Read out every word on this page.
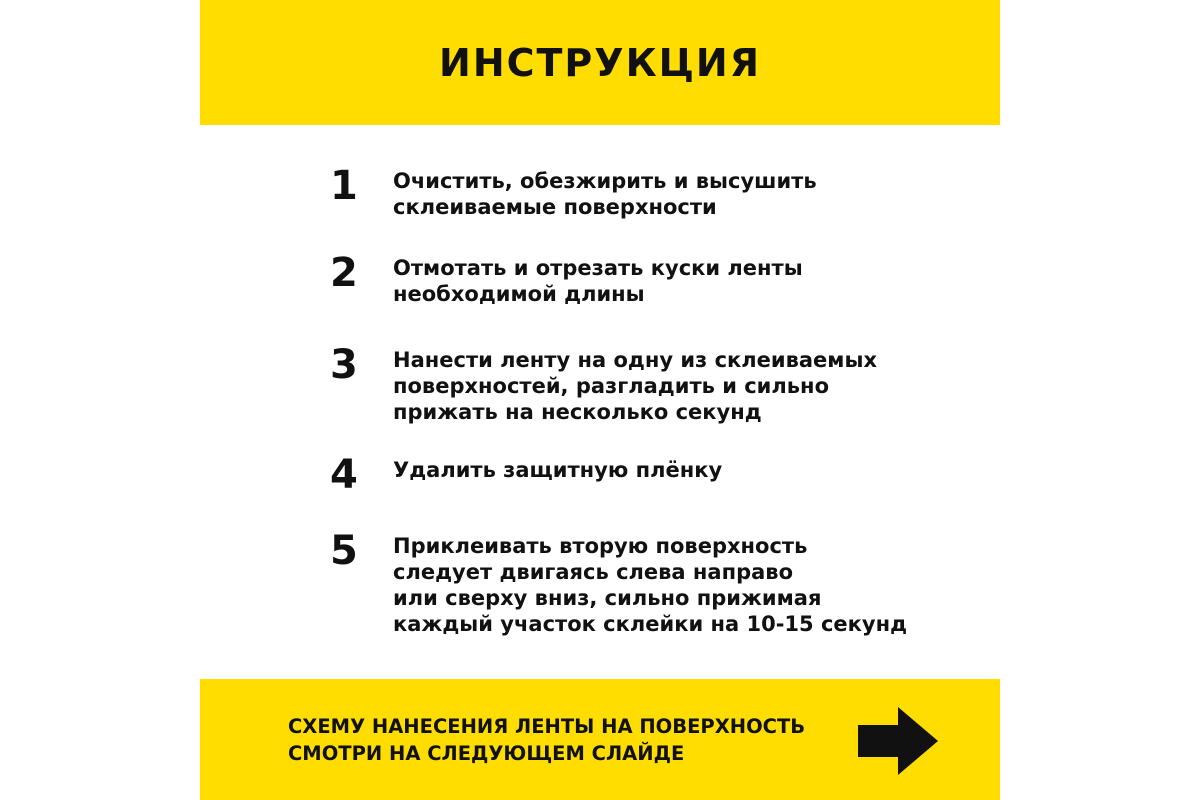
ИНСТРУКЦИЯ
1	Очистить, обезжирить и высушить
склеиваемые поверхности
2	Отмотать и отрезать куски ленты
необходимой длины
3	Нанести ленту на одну из склеиваемых
поверхностей, разгладить и сильно
прижать на несколько секунд
4	Удалить защитную плёнку
5	Приклеивать вторую поверхность
следует двигаясь слева направо
или сверху вниз, сильно прижимая
каждый участок склейки на 10-15 секунд
СХЕМУ НАНЕСЕНИЯ ЛЕНТЫ НА ПОВЕРХНОСТЬ
СМОТРИ НА СЛЕДУЮЩЕМ СЛАЙДЕ
